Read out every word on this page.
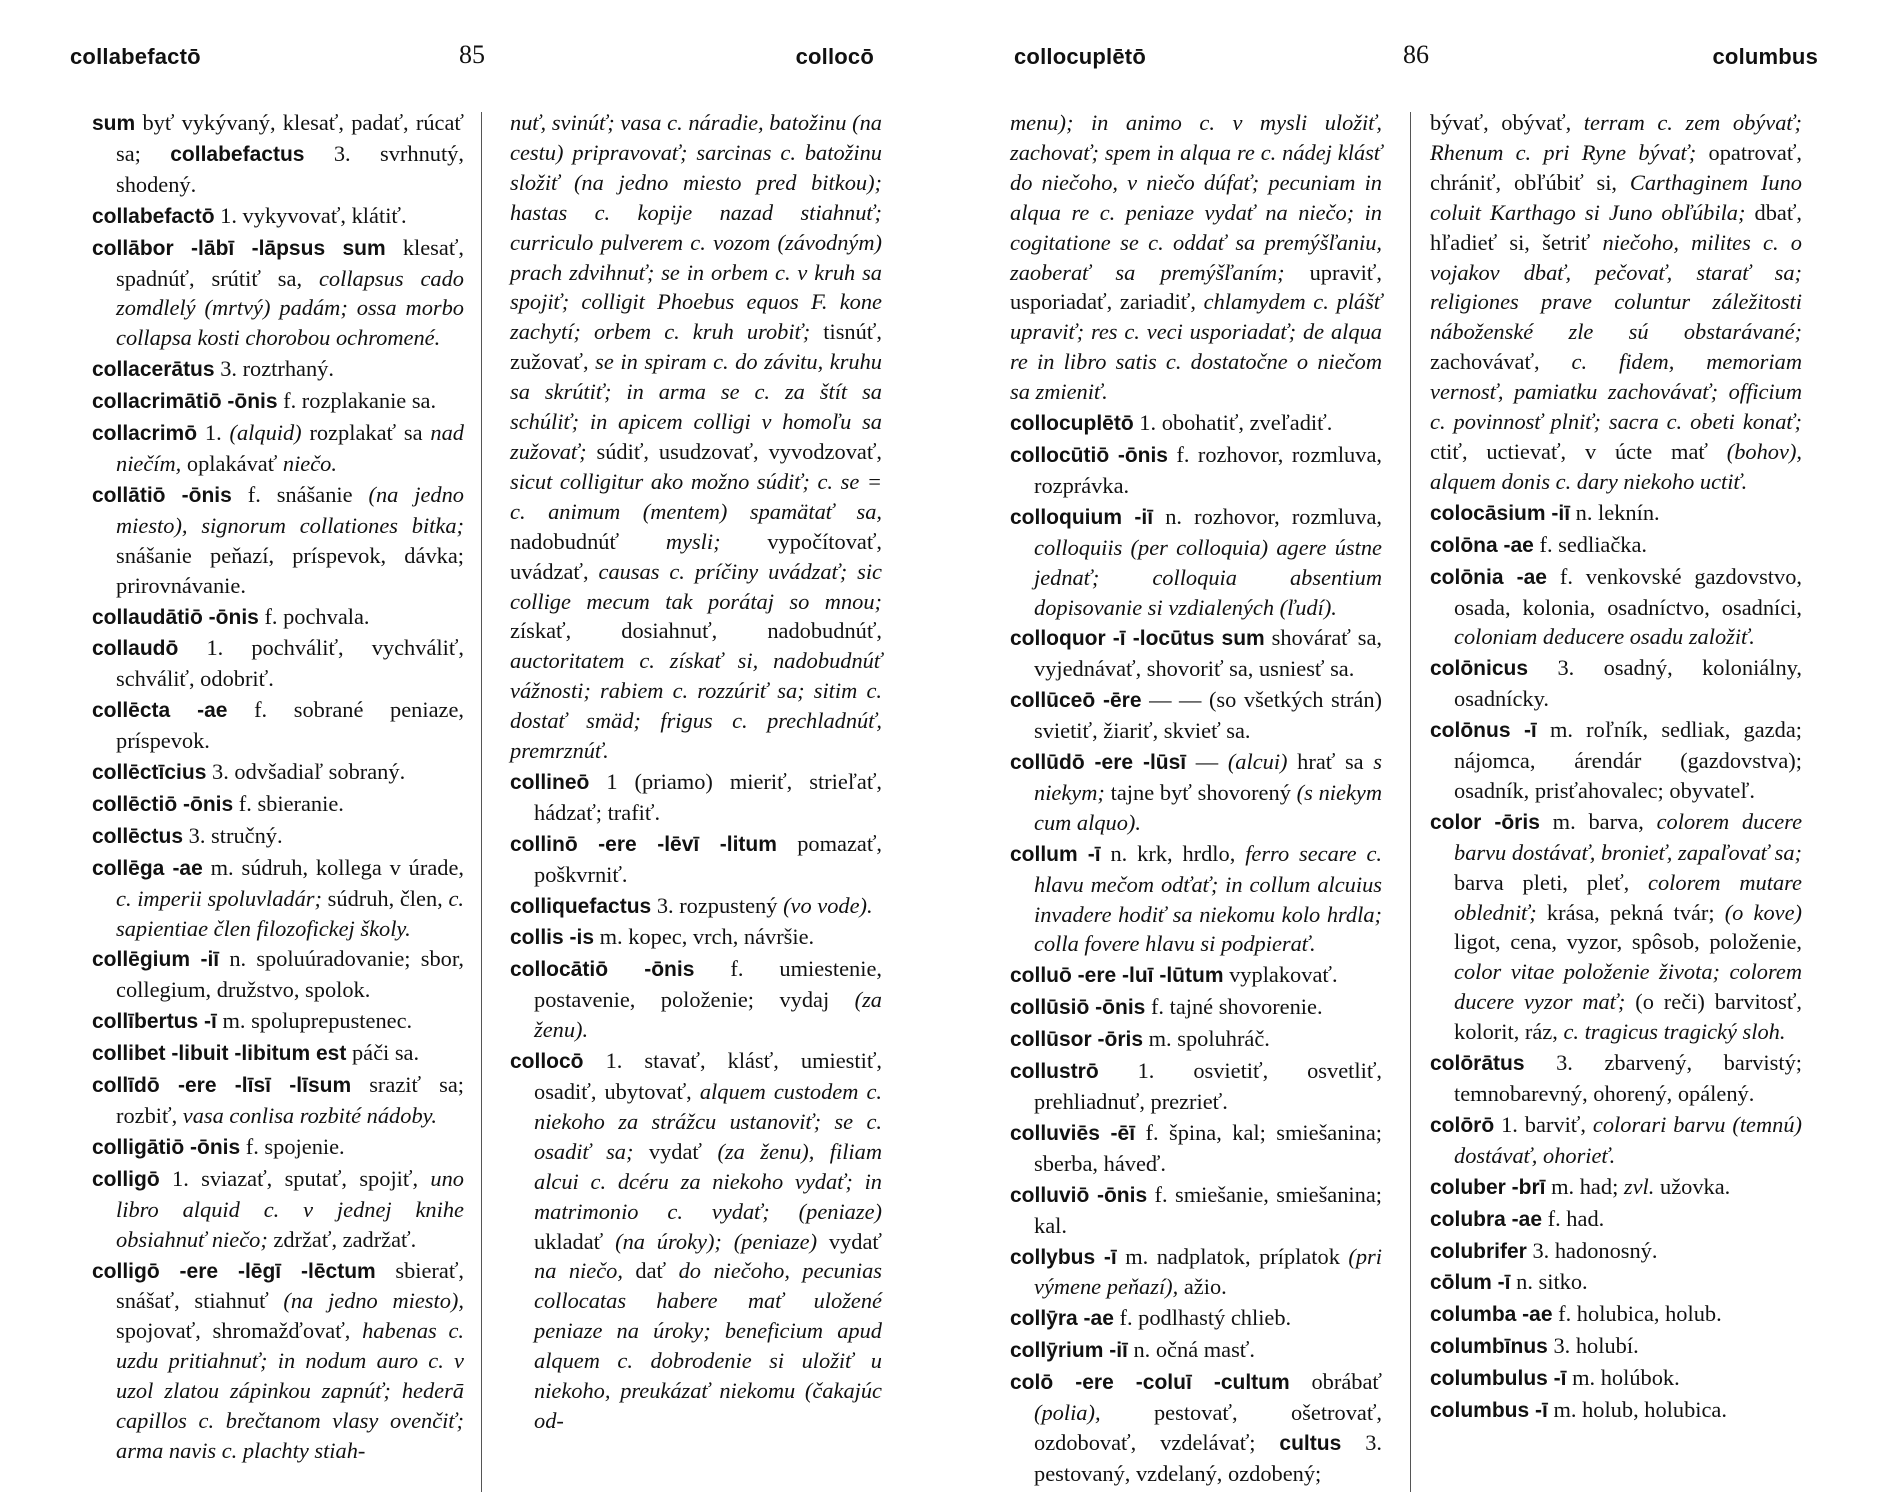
collabefactō	85	collocō

sum byť vykývaný, klesať, padať, rúcať sa; collabefactus 3. svrhnutý, shodený.

collabefactō 1. vykyvovať, klátiť.

collābor -lābī -lāpsus sum klesať, spadnúť, srútiť sa, collapsus cado zomdlelý (mrtvý) padám; ossa morbo collapsa kosti chorobou ochromené.

collacerātus 3. roztrhaný.

collacrimātiō -ōnis f. rozplakanie sa.

collacrimō 1. (alquid) rozplakať sa nad niečím, oplakávať niečo.

collātiō -ōnis f. snášanie (na jedno miesto), signorum collationes bitka; snášanie peňazí, príspevok, dávka; prirovnávanie.

collaudātiō -ōnis f. pochvala.

collaudō 1. pochváliť, vychváliť, schváliť, odobriť.

collēcta -ae f. sobrané peniaze, príspevok.

collēctīcius 3. odvšadiaľ sobraný.

collēctiō -ōnis f. sbieranie.

collēctus 3. stručný.

collēga -ae m. súdruh, kollega v úrade, c. imperii spoluvladár; súdruh, člen, c. sapientiae člen filozofickej školy.

collēgium -iī n. spoluúradovanie; sbor, collegium, družstvo, spolok.

collībertus -ī m. spoluprepustenec.

collibet -libuit -libitum est páči sa.

collīdō -ere -līsī -līsum sraziť sa; rozbiť, vasa conlisa rozbité nádoby.

colligātiō -ōnis f. spojenie.

colligō 1. sviazať, sputať, spojiť, uno libro alquid c. v jednej knihe obsiahnuť niečo; zdržať, zadržať.

colligō -ere -lēgī -lēctum sbierať, snášať, stiahnuť (na jedno miesto), spojovať, shromažďovať, habenas c. uzdu pritiahnuť; in nodum auro c. v uzol zlatou zápinkou zapnúť; hederā capillos c. brečtanom vlasy ovenčiť; arma navis c. plachty stiah-

nuť, svinúť; vasa c. náradie, batožinu (na cestu) pripravovať; sarcinas c. batožinu složiť (na jedno miesto pred bitkou); hastas c. kopije nazad stiahnuť; curriculo pulverem c. vozom (závodným) prach zdvihnuť; se in orbem c. v kruh sa spojiť; colligit Phoebus equos F. kone zachytí; orbem c. kruh urobiť; tisnúť, zužovať, se in spiram c. do závitu, kruhu sa skrútiť; in arma se c. za štít sa schúliť; in apicem colligi v homoľu sa zužovať; súdiť, usudzovať, vyvodzovať, sicut colligitur ako možno súdiť; c. se = c. animum (mentem) spamätať sa, nadobudnúť mysli; vypočítovať, uvádzať, causas c. príčiny uvádzať; sic collige mecum tak porátaj so mnou; získať, dosiahnuť, nadobudnúť, auctoritatem c. získať si, nadobudnúť vážnosti; rabiem c. rozzúriť sa; sitim c. dostať smäd; frigus c. prechladnúť, premrznúť.

collineō 1 (priamo) mieriť, strieľať, hádzať; trafiť.

collinō -ere -lēvī -litum pomazať, poškvrniť.

colliquefactus 3. rozpustený (vo vode).

collis -is m. kopec, vrch, návršie.

collocātiō -ōnis f. umiestenie, postavenie, položenie; vydaj (za ženu).

collocō 1. stavať, klásť, umiestiť, osadiť, ubytovať, alquem custodem c. niekoho za strážcu ustanoviť; se c. osadiť sa; vydať (za ženu), filiam alcui c. dcéru za niekoho vydať; in matrimonio c. vydať; (peniaze) ukladať (na úroky); (peniaze) vydať na niečo, dať do niečoho, pecunias collocatas habere mať uložené peniaze na úroky; beneficium apud alquem c. dobrodenie si uložiť u niekoho, preukázať niekomu (čakajúc od-

collocuplētō	86	columbus

menu); in animo c. v mysli uložiť, zachovať; spem in alqua re c. nádej klásť do niečoho, v niečo dúfať; pecuniam in alqua re c. peniaze vydať na niečo; in cogitatione se c. oddať sa premýšľaniu, zaoberať sa premýšľaním; upraviť, usporiadať, zariadiť, chlamydem c. plášť upraviť; res c. veci usporiadať; de alqua re in libro satis c. dostatočne o niečom sa zmieniť.

collocuplētō 1. obohatiť, zveľadiť.

collocūtiō -ōnis f. rozhovor, rozmluva, rozprávka.

colloquium -iī n. rozhovor, rozmluva, colloquiis (per colloquia) agere ústne jednať; colloquia absentium dopisovanie si vzdialených (ľudí).

colloquor -ī -locūtus sum shovárať sa, vyjednávať, shovoriť sa, usniesť sa.

collūceō -ēre — — (so všetkých strán) svietiť, žiariť, skvieť sa.

collūdō -ere -lūsī — (alcui) hrať sa s niekym; tajne byť shovorený (s niekym cum alquo).

collum -ī n. krk, hrdlo, ferro secare c. hlavu mečom odťať; in collum alcuius invadere hodiť sa niekomu kolo hrdla; colla fovere hlavu si podpierať.

colluō -ere -luī -lūtum vyplakovať.

collūsiō -ōnis f. tajné shovorenie.

collūsor -ōris m. spoluhráč.

collustrō 1. osvietiť, osvetliť, prehliadnuť, prezrieť.

colluviēs -ēī f. špina, kal; smiešanina; sberba, háveď.

colluviō -ōnis f. smiešanie, smiešanina; kal.

collybus -ī m. nadplatok, príplatok (pri výmene peňazí), ažio.

collȳra -ae f. podlhastý chlieb.

collȳrium -iī n. očná masť.

colō -ere -coluī -cultum obrábať (polia), pestovať, ošetrovať, ozdobovať, vzdelávať; cultus 3. pestovaný, vzdelaný, ozdobený;

bývať, obývať, terram c. zem obývať; Rhenum c. pri Ryne bývať; opatrovať, chrániť, obľúbiť si, Carthaginem Iuno coluit Karthago si Juno obľúbila; dbať, hľadieť si, šetriť niečoho, milites c. o vojakov dbať, pečovať, starať sa; religiones prave coluntur záležitosti náboženské zle sú obstarávané; zachovávať, c. fidem, memoriam vernosť, pamiatku zachovávať; officium c. povinnosť plniť; sacra c. obeti konať; ctiť, uctievať, v úcte mať (bohov), alquem donis c. dary niekoho uctiť.

colocāsium -iī n. leknín.

colōna -ae f. sedliačka.

colōnia -ae f. venkovské gazdovstvo, osada, kolonia, osadníctvo, osadníci, coloniam deducere osadu založiť.

colōnicus 3. osadný, koloniálny, osadnícky.

colōnus -ī m. roľník, sedliak, gazda; nájomca, árendár (gazdovstva); osadník, prisťahovalec; obyvateľ.

color -ōris m. barva, colorem ducere barvu dostávať, broniеť, zapaľovať sa; barva pleti, pleť, colorem mutare obledniť; krása, pekná tvár; (o kove) ligot, cena, vyzor, spôsob, položenie, color vitae položenie života; colorem ducere vyzor mať; (o reči) barvitosť, kolorit, ráz, c. tragicus tragický sloh.

colōrātus 3. zbarvený, barvistý; temnobarevný, ohorený, opálený.

colōrō 1. barviť, colorari barvu (temnú) dostávať, ohorieť.

coluber -brī m. had; zvl. užovka.

colubra -ae f. had.

colubrifer 3. hadonosný.

cōlum -ī n. sitko.

columba -ae f. holubica, holub.

columbīnus 3. holubí.

columbulus -ī m. holúbok.

columbus -ī m. holub, holubica.
